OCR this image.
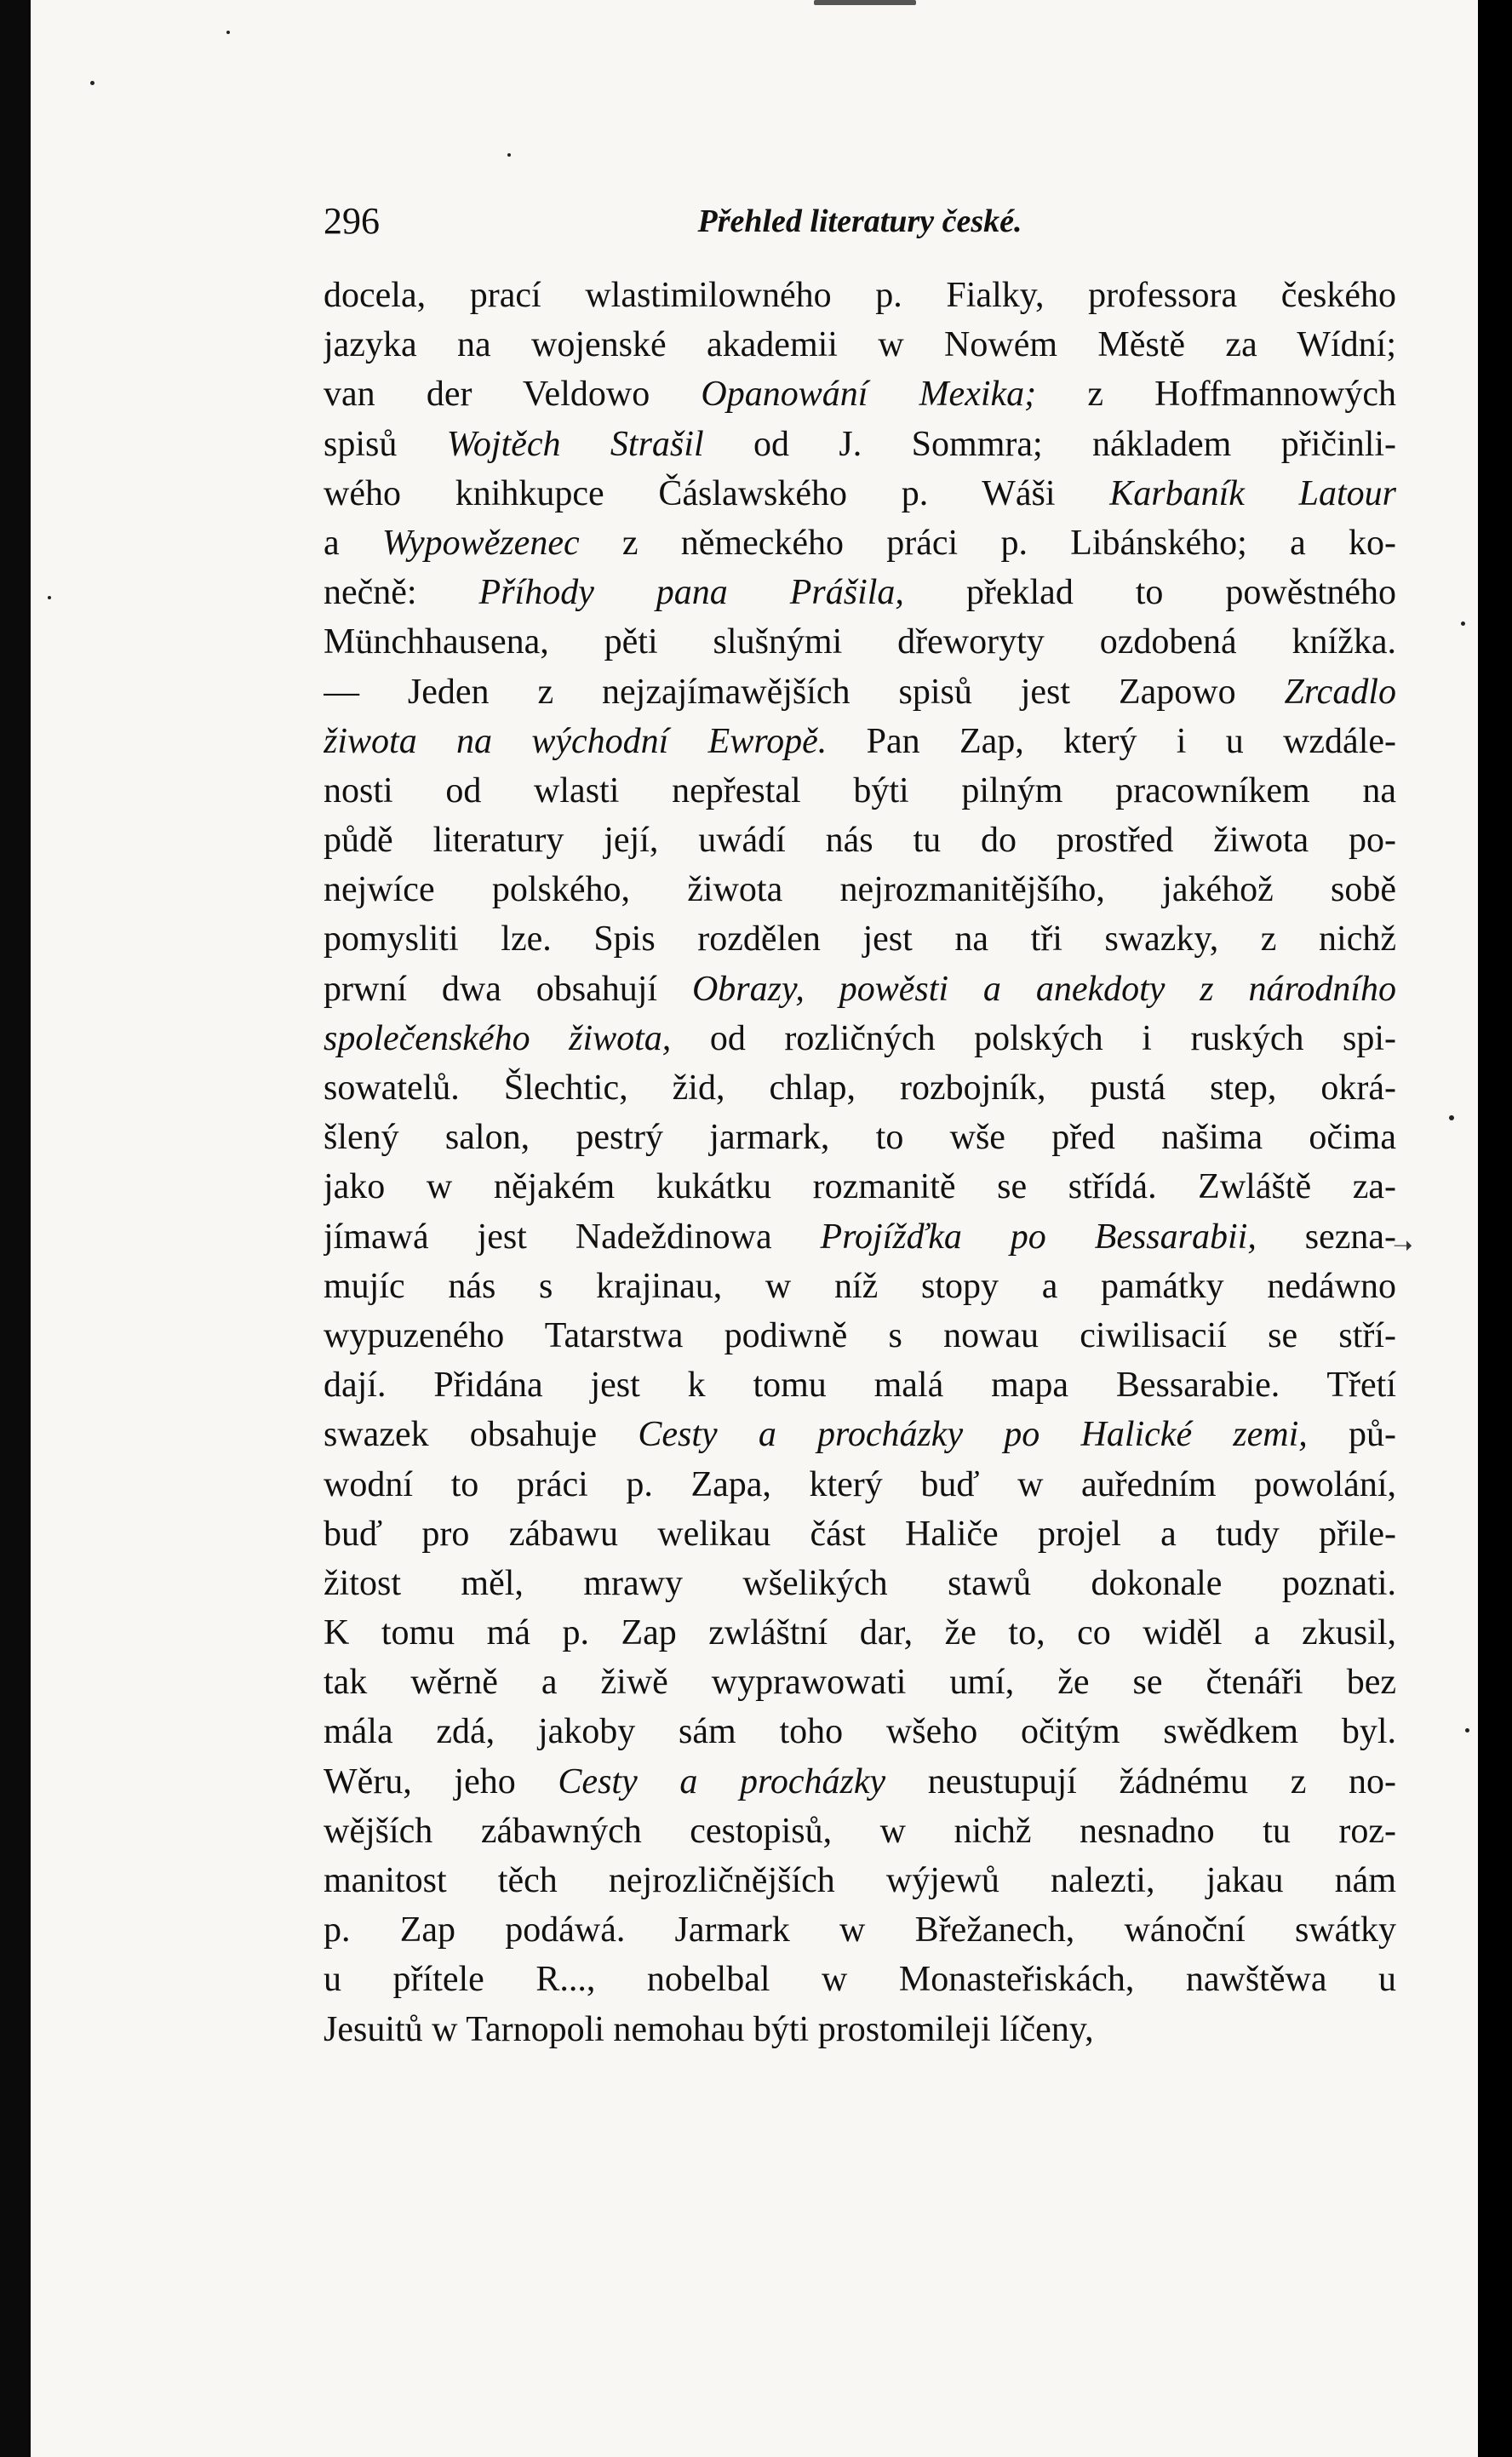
296	Přehled literatury české.
docela, prací wlastimilowného p. Fialky, professora českého
jazyka na wojenské akademii w Nowém Městě za Wídní;
van der Veldowo Opanowání Mexika; z Hoffmannowých
spisů Wojtěch Strašil od J. Sommra; nákladem přičinli-
wého knihkupce Čáslawského p. Wáši Karbaník Latour
a Wypowězenec z německého práci p. Libánského; a ko-
nečně: Příhody pana Prášila, překlad to powěstného
Münchhausena, pěti slušnými dřeworyty ozdobená knížka.
— Jeden z nejzajímawějších spisů jest Zapowo Zrcadlo
žiwota na wýchodní Ewropě. Pan Zap, který i u wzdále-
nosti od wlasti nepřestal býti pilným pracowníkem na
půdě literatury její, uwádí nás tu do prostřed žiwota po-
nejwíce polského, žiwota nejrozmanitějšího, jakéhož sobě
pomysliti lze. Spis rozdělen jest na tři swazky, z nichž
prwní dwa obsahují Obrazy, powěsti a anekdoty z národního
společenského žiwota, od rozličných polských i ruských spi-
sowatelů. Šlechtic, žid, chlap, rozbojník, pustá step, okrá-
šlený salon, pestrý jarmark, to wše před našima očima
jako w nějakém kukátku rozmanitě se střídá. Zwláště za-
jímawá jest Nadeždinowa Projížďka po Bessarabii, sezna-
mujíc nás s krajinau, w níž stopy a památky nedáwno
wypuzeného Tatarstwa podiwně s nowau ciwilisacií se stří-
dají. Přidána jest k tomu malá mapa Bessarabie. Třetí
swazek obsahuje Cesty a procházky po Halické zemi, pů-
wodní to práci p. Zapa, který buď w auředním powolání,
buď pro zábawu welikau část Haliče projel a tudy přile-
žitost měl, mrawy wšelikých stawů dokonale poznati.
K tomu má p. Zap zwláštní dar, že to, co widěl a zkusil,
tak wěrně a žiwě wyprawowati umí, že se čtenáři bez
mála zdá, jakoby sám toho wšeho očitým swědkem byl.
Wěru, jeho Cesty a procházky neustupují žádnému z no-
wějších zábawných cestopisů, w nichž nesnadno tu roz-
manitost těch nejrozličnějších wýjewů nalezti, jakau nám
p. Zap podáwá. Jarmark w Břežanech, wánoční swátky
u přítele R..., nobelbal w Monasteřiskách, nawštěwa u
Jesuitů w Tarnopoli nemohau býti prostomileji líčeny,
➝
